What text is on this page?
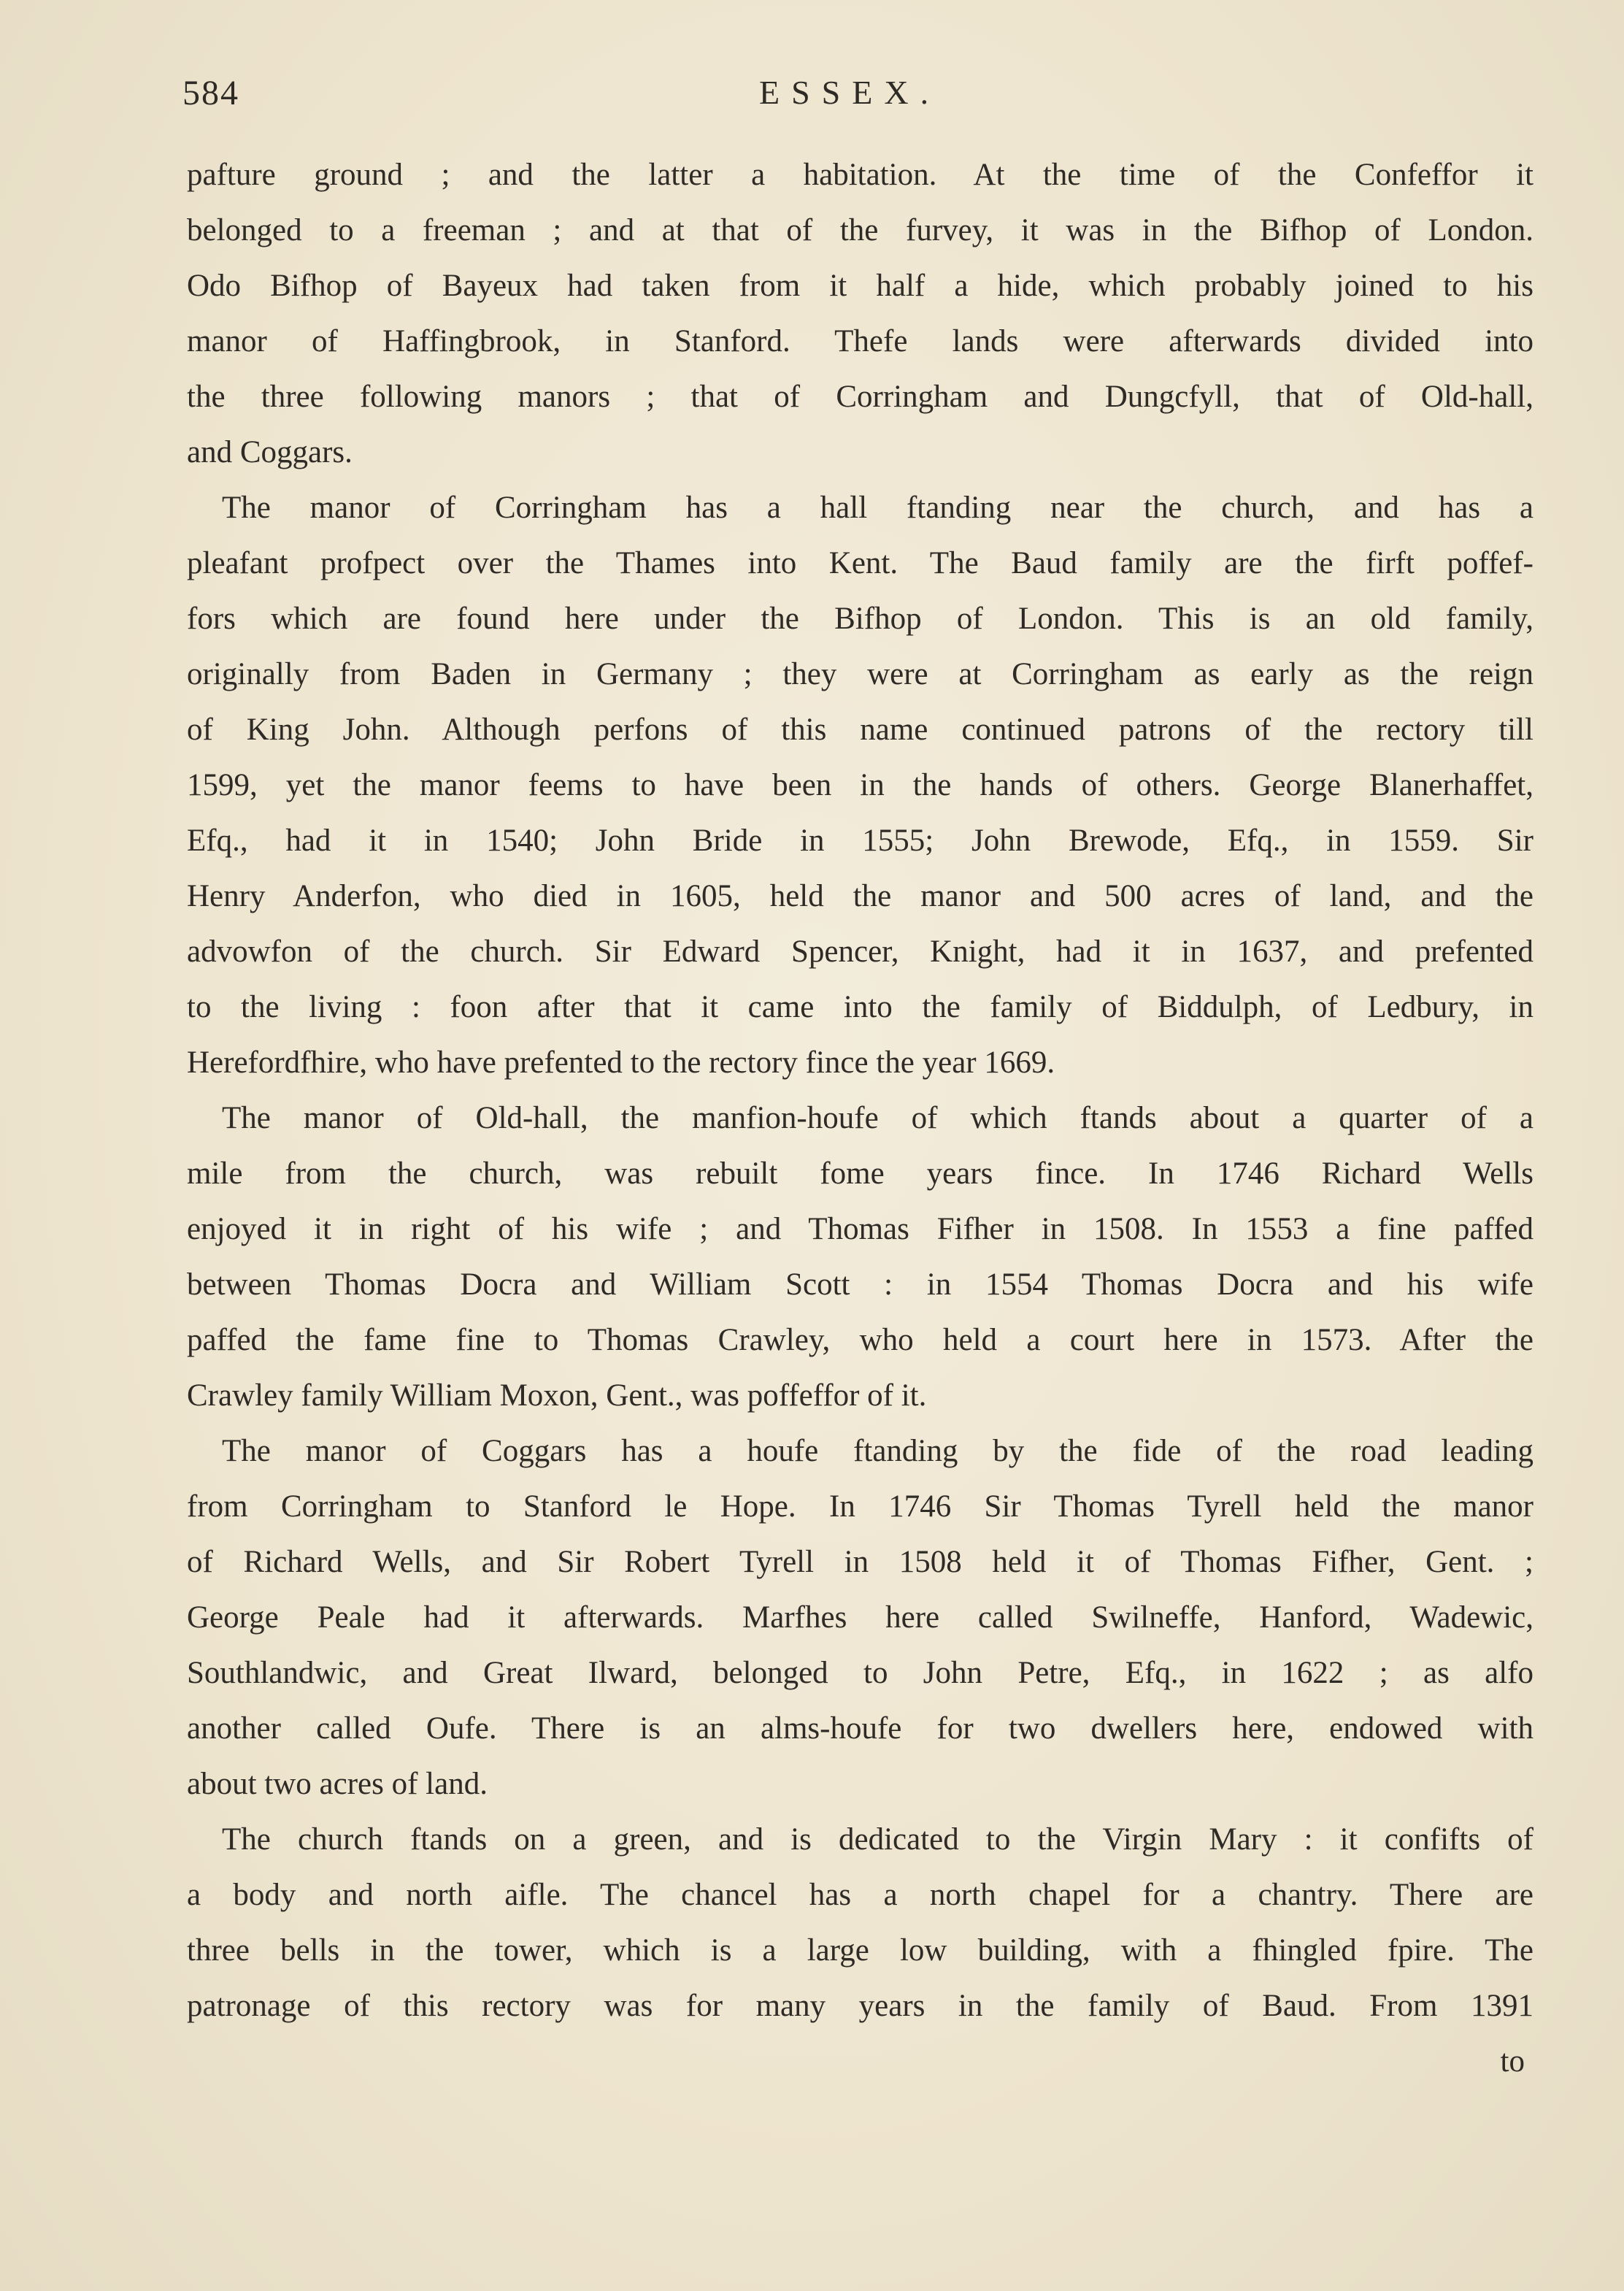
584	ESSEX.
pafture ground ; and the latter a habitation. At the time of the Confeffor it
belonged to a freeman ; and at that of the furvey, it was in the Bifhop of London.
Odo Bifhop of Bayeux had taken from it half a hide, which probably joined to his
manor of Haffingbrook, in Stanford. Thefe lands were afterwards divided into
the three following manors ; that of Corringham and Dungcfyll, that of Old-hall,
and Coggars.
The manor of Corringham has a hall ftanding near the church, and has a
pleafant profpect over the Thames into Kent. The Baud family are the firft poffef-
fors which are found here under the Bifhop of London. This is an old family,
originally from Baden in Germany ; they were at Corringham as early as the reign
of King John. Although perfons of this name continued patrons of the rectory till
1599, yet the manor feems to have been in the hands of others. George Blanerhaffet,
Efq., had it in 1540; John Bride in 1555; John Brewode, Efq., in 1559. Sir
Henry Anderfon, who died in 1605, held the manor and 500 acres of land, and the
advowfon of the church. Sir Edward Spencer, Knight, had it in 1637, and prefented
to the living : foon after that it came into the family of Biddulph, of Ledbury, in
Herefordfhire, who have prefented to the rectory fince the year 1669.
The manor of Old-hall, the manfion-houfe of which ftands about a quarter of a
mile from the church, was rebuilt fome years fince. In 1746 Richard Wells
enjoyed it in right of his wife ; and Thomas Fifher in 1508. In 1553 a fine paffed
between Thomas Docra and William Scott : in 1554 Thomas Docra and his wife
paffed the fame fine to Thomas Crawley, who held a court here in 1573. After the
Crawley family William Moxon, Gent., was poffeffor of it.
The manor of Coggars has a houfe ftanding by the fide of the road leading
from Corringham to Stanford le Hope. In 1746 Sir Thomas Tyrell held the manor
of Richard Wells, and Sir Robert Tyrell in 1508 held it of Thomas Fifher, Gent. ;
George Peale had it afterwards. Marfhes here called Swilneffe, Hanford, Wadewic,
Southlandwic, and Great Ilward, belonged to John Petre, Efq., in 1622 ; as alfo
another called Oufe. There is an alms-houfe for two dwellers here, endowed with
about two acres of land.
The church ftands on a green, and is dedicated to the Virgin Mary : it confifts of
a body and north aifle. The chancel has a north chapel for a chantry. There are
three bells in the tower, which is a large low building, with a fhingled fpire. The
patronage of this rectory was for many years in the family of Baud. From 1391
to
